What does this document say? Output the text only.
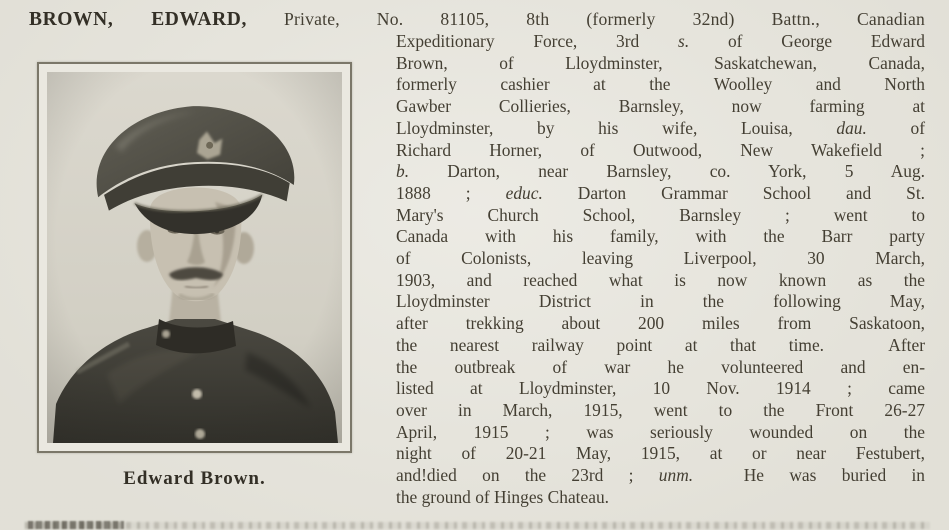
BROWN, EDWARD, Private, No. 81105, 8th (formerly 32nd) Battn., Canadian

Edward Brown.
Expeditionary Force, 3rd s. of George Edward
Brown, of Lloydminster, Saskatchewan, Canada,
formerly cashier at the Woolley and North
Gawber Collieries, Barnsley, now farming at
Lloydminster, by his wife, Louisa, dau. of
Richard Horner, of Outwood, New Wakefield ;
b. Darton, near Barnsley, co. York, 5 Aug.
1888 ; educ. Darton Grammar School and St.
Mary's Church School, Barnsley ; went to
Canada with his family, with the Barr party
of Colonists, leaving Liverpool, 30 March,
1903, and reached what is now known as the
Lloydminster District in the following May,
after trekking about 200 miles from Saskatoon,
the nearest railway point at that time.  After
the outbreak of war he volunteered and en-
listed at Lloydminster, 10 Nov. 1914 ; came
over in March, 1915, went to the Front 26-27
April, 1915 ; was seriously wounded on the
night of 20-21 May, 1915, at or near Festubert,
and!died on the 23rd ; unm.  He was buried in
the ground of Hinges Chateau.
